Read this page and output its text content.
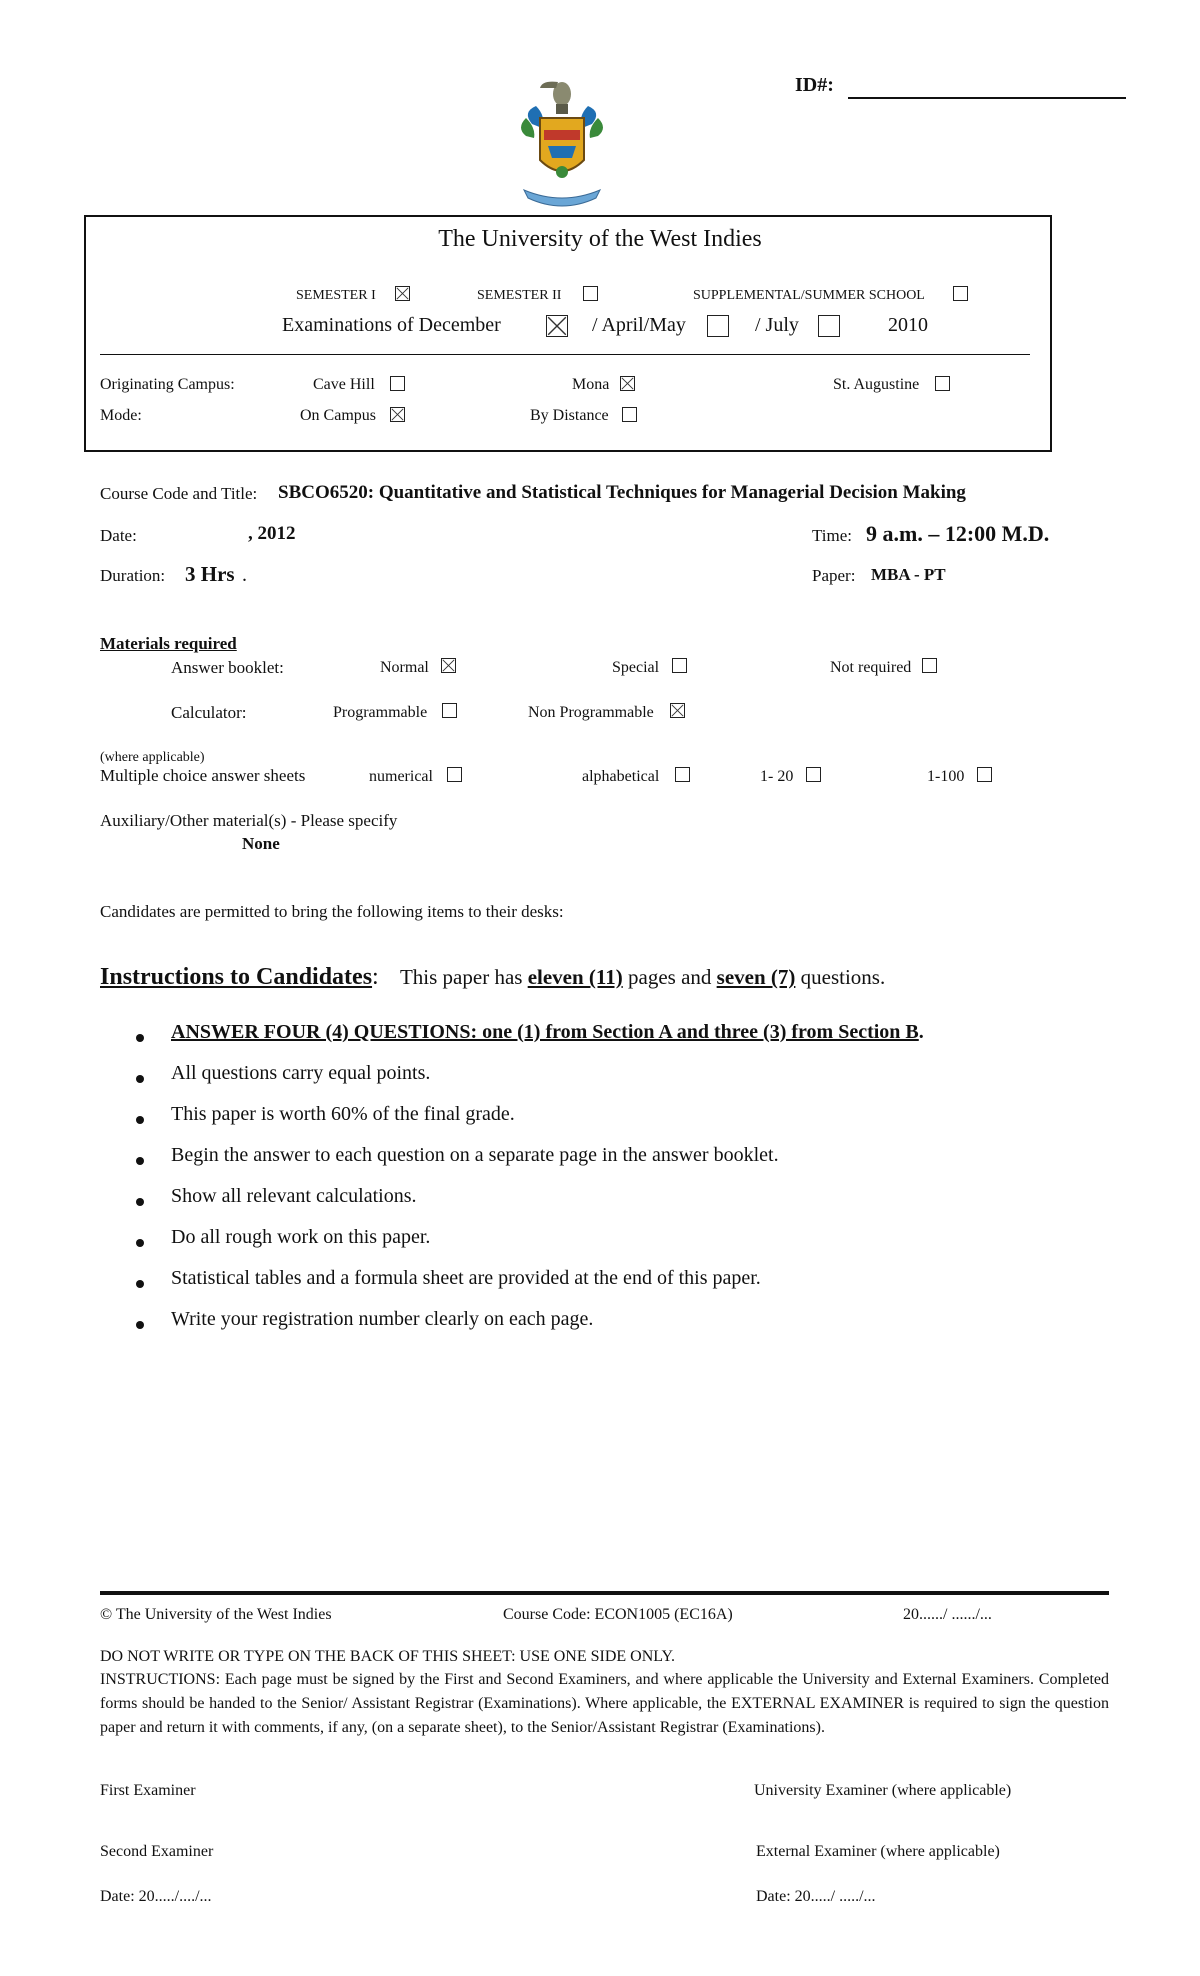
ID#:
The University of the West Indies
SEMESTER I	SEMESTER II	SUPPLEMENTAL/SUMMER SCHOOL
Examinations of December	/ April/May	/ July	2010
Originating Campus:	Cave Hill	Mona	St. Augustine
Mode:	On Campus	By Distance
Course Code and Title: SBCO6520: Quantitative and Statistical Techniques for Managerial Decision Making
Date:	, 2012	Time: 9 a.m. – 12:00 M.D.
Duration: 3 Hrs .	Paper: MBA - PT
Materials required
Answer booklet:	Normal	Special	Not required
Calculator:	Programmable	Non Programmable
(where applicable)
Multiple choice answer sheets	numerical	alphabetical	1- 20	1-100
Auxiliary/Other material(s) - Please specify
None
Candidates are permitted to bring the following items to their desks:
Instructions to Candidates: This paper has eleven (11) pages and seven (7) questions.
ANSWER FOUR (4) QUESTIONS: one (1) from Section A and three (3) from Section B.
All questions carry equal points.
This paper is worth 60% of the final grade.
Begin the answer to each question on a separate page in the answer booklet.
Show all relevant calculations.
Do all rough work on this paper.
Statistical tables and a formula sheet are provided at the end of this paper.
Write your registration number clearly on each page.
© The University of the West Indies	Course Code: ECON1005 (EC16A)	20....../ ....../...
DO NOT WRITE OR TYPE ON THE BACK OF THIS SHEET: USE ONE SIDE ONLY.
INSTRUCTIONS: Each page must be signed by the First and Second Examiners, and where applicable the University and External Examiners. Completed forms should be handed to the Senior/ Assistant Registrar (Examinations). Where applicable, the EXTERNAL EXAMINER is required to sign the question paper and return it with comments, if any, (on a separate sheet), to the Senior/Assistant Registrar (Examinations).
First Examiner	University Examiner (where applicable)
Second Examiner	External Examiner (where applicable)
Date: 20...../..../...	Date: 20...../ ...../...
